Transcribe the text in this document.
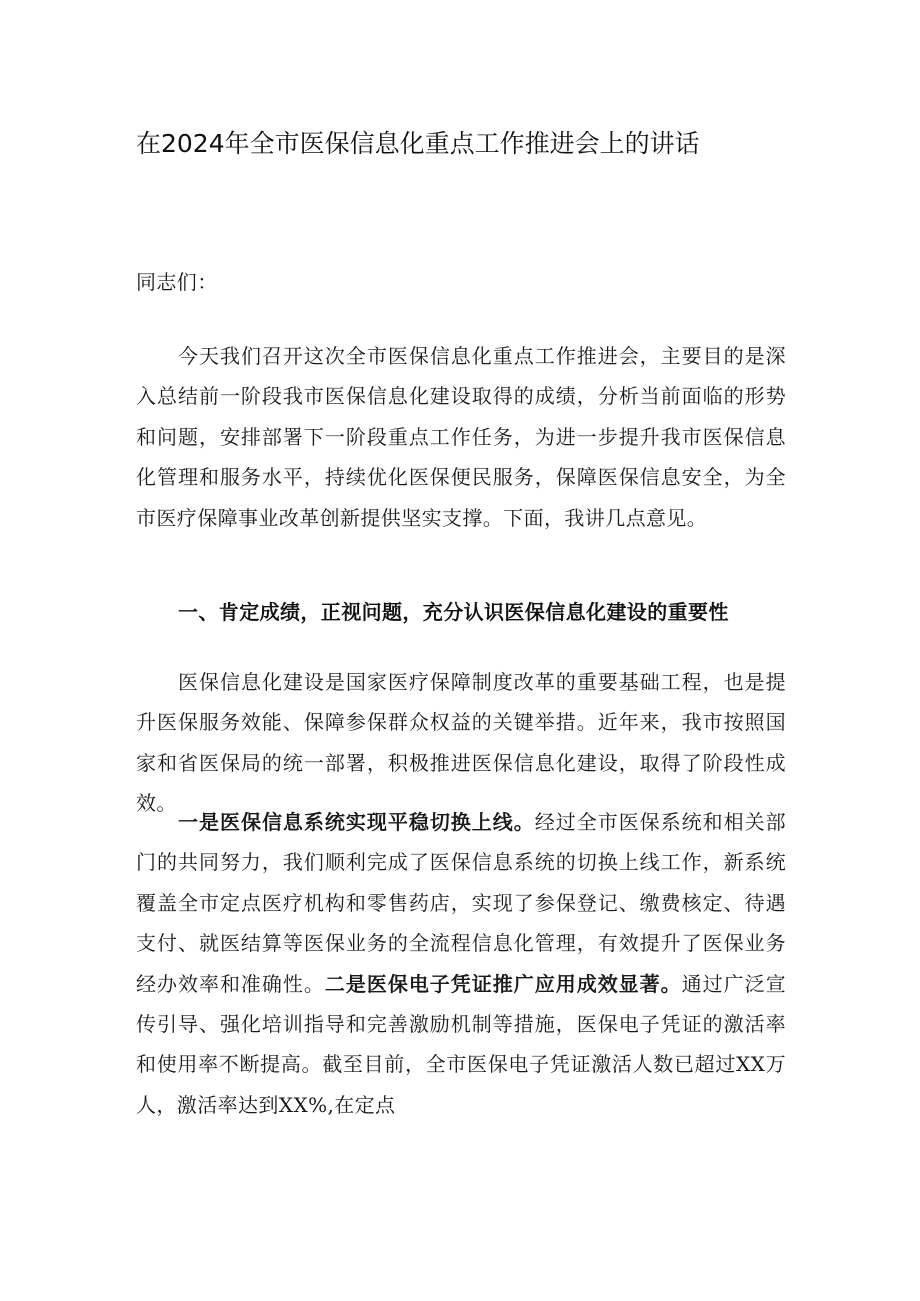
在2024年全市医保信息化重点工作推进会上的讲话
同志们：
今天我们召开这次全市医保信息化重点工作推进会，主要目的是深入总结前一阶段我市医保信息化建设取得的成绩，分析当前面临的形势和问题，安排部署下一阶段重点工作任务，为进一步提升我市医保信息化管理和服务水平，持续优化医保便民服务，保障医保信息安全，为全市医疗保障事业改革创新提供坚实支撑。下面，我讲几点意见。
一、肯定成绩，正视问题，充分认识医保信息化建设的重要性
医保信息化建设是国家医疗保障制度改革的重要基础工程，也是提升医保服务效能、保障参保群众权益的关键举措。近年来，我市按照国家和省医保局的统一部署，积极推进医保信息化建设，取得了阶段性成效。
一是医保信息系统实现平稳切换上线。经过全市医保系统和相关部门的共同努力，我们顺利完成了医保信息系统的切换上线工作，新系统覆盖全市定点医疗机构和零售药店，实现了参保登记、缴费核定、待遇支付、就医结算等医保业务的全流程信息化管理，有效提升了医保业务经办效率和准确性。二是医保电子凭证推广应用成效显著。通过广泛宣传引导、强化培训指导和完善激励机制等措施，医保电子凭证的激活率和使用率不断提高。截至目前，全市医保电子凭证激活人数已超过XX万人，激活率达到XX%,在定点
